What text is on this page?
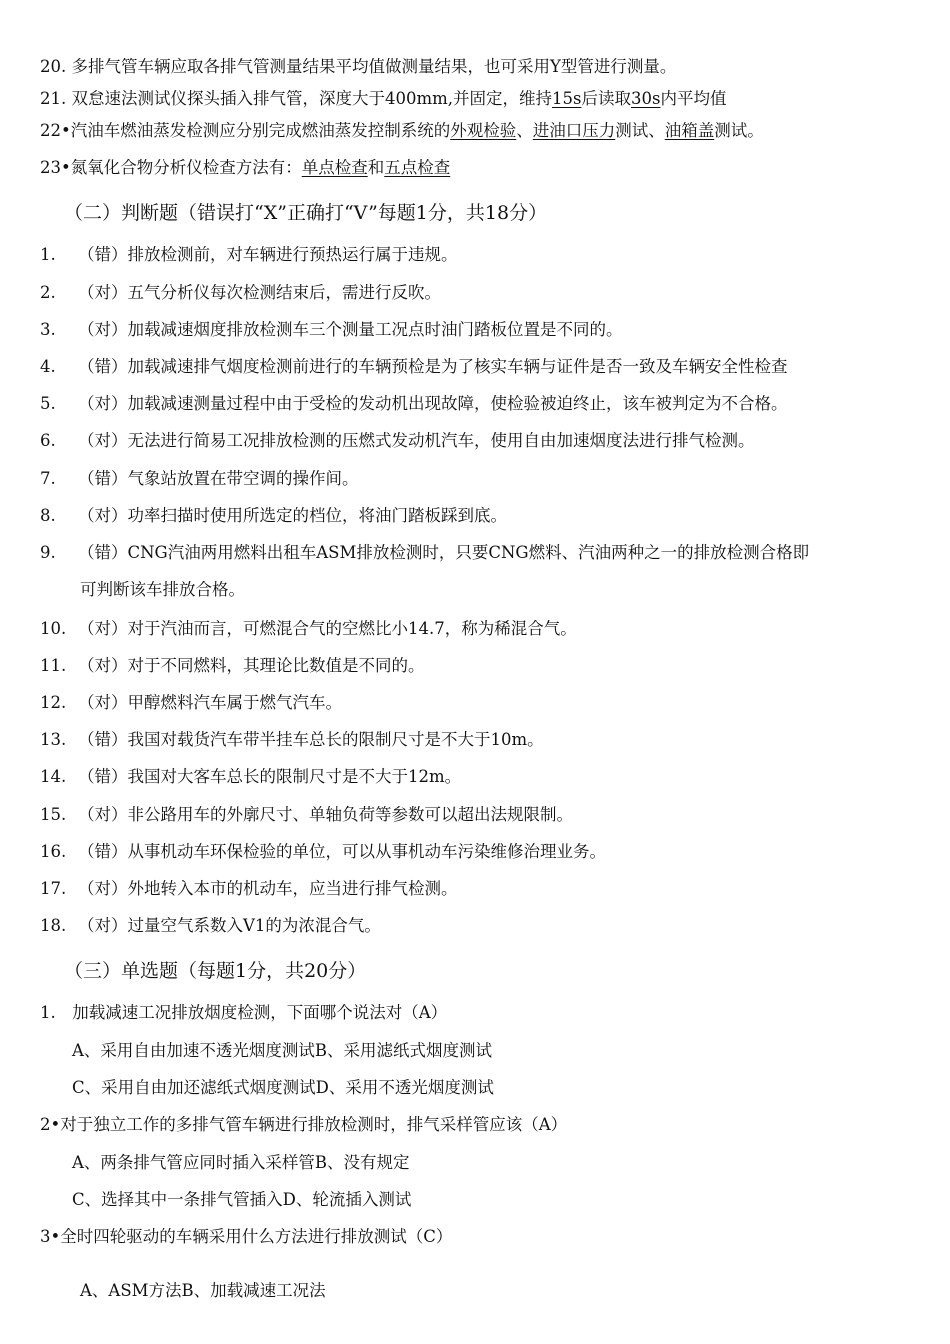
20. 多排气管车辆应取各排气管测量结果平均值做测量结果，也可采用Y型管进行测量。
21. 双怠速法测试仪探头插入排气管，深度大于400mm,并固定，维持15s后读取30s内平均值
22•汽油车燃油蒸发检测应分别完成燃油蒸发控制系统的外观检验、进油口压力测试、油箱盖测试。
23•氮氧化合物分析仪检查方法有：单点检查和五点检查
（二）判断题（错误打“X”正确打“V”每题1分，共18分）
1. （错）排放检测前，对车辆进行预热运行属于违规。
2. （对）五气分析仪每次检测结束后，需进行反吹。
3. （对）加载减速烟度排放检测车三个测量工况点时油门踏板位置是不同的。
4. （错）加载减速排气烟度检测前进行的车辆预检是为了核实车辆与证件是否一致及车辆安全性检查
5. （对）加载减速测量过程中由于受检的发动机出现故障，使检验被迫终止，该车被判定为不合格。
6. （对）无法进行简易工况排放检测的压燃式发动机汽车，使用自由加速烟度法进行排气检测。
7. （错）气象站放置在带空调的操作间。
8. （对）功率扫描时使用所选定的档位，将油门踏板踩到底。
9. （错）CNG汽油两用燃料出租车ASM排放检测时，只要CNG燃料、汽油两种之一的排放检测合格即
可判断该车排放合格。
10. （对）对于汽油而言，可燃混合气的空燃比小14.7，称为稀混合气。
11. （对）对于不同燃料，其理论比数值是不同的。
12. （对）甲醇燃料汽车属于燃气汽车。
13. （错）我国对载货汽车带半挂车总长的限制尺寸是不大于10m。
14. （错）我国对大客车总长的限制尺寸是不大于12m。
15. （对）非公路用车的外廓尺寸、单轴负荷等参数可以超出法规限制。
16. （错）从事机动车环保检验的单位，可以从事机动车污染维修治理业务。
17. （对）外地转入本市的机动车，应当进行排气检测。
18. （对）过量空气系数入V1的为浓混合气。
（三）单选题（每题1分，共20分）
1.　加载减速工况排放烟度检测，下面哪个说法对（A）
A、采用自由加速不透光烟度测试B、采用滤纸式烟度测试
C、采用自由加还滤纸式烟度测试D、采用不透光烟度测试
2•对于独立工作的多排气管车辆进行排放检测时，排气采样管应该（A）
A、两条排气管应同时插入采样管B、没有规定
C、选择其中一条排气管插入D、轮流插入测试
3•全时四轮驱动的车辆采用什么方法进行排放测试（C）
A、ASM方法B、加载减速工况法
